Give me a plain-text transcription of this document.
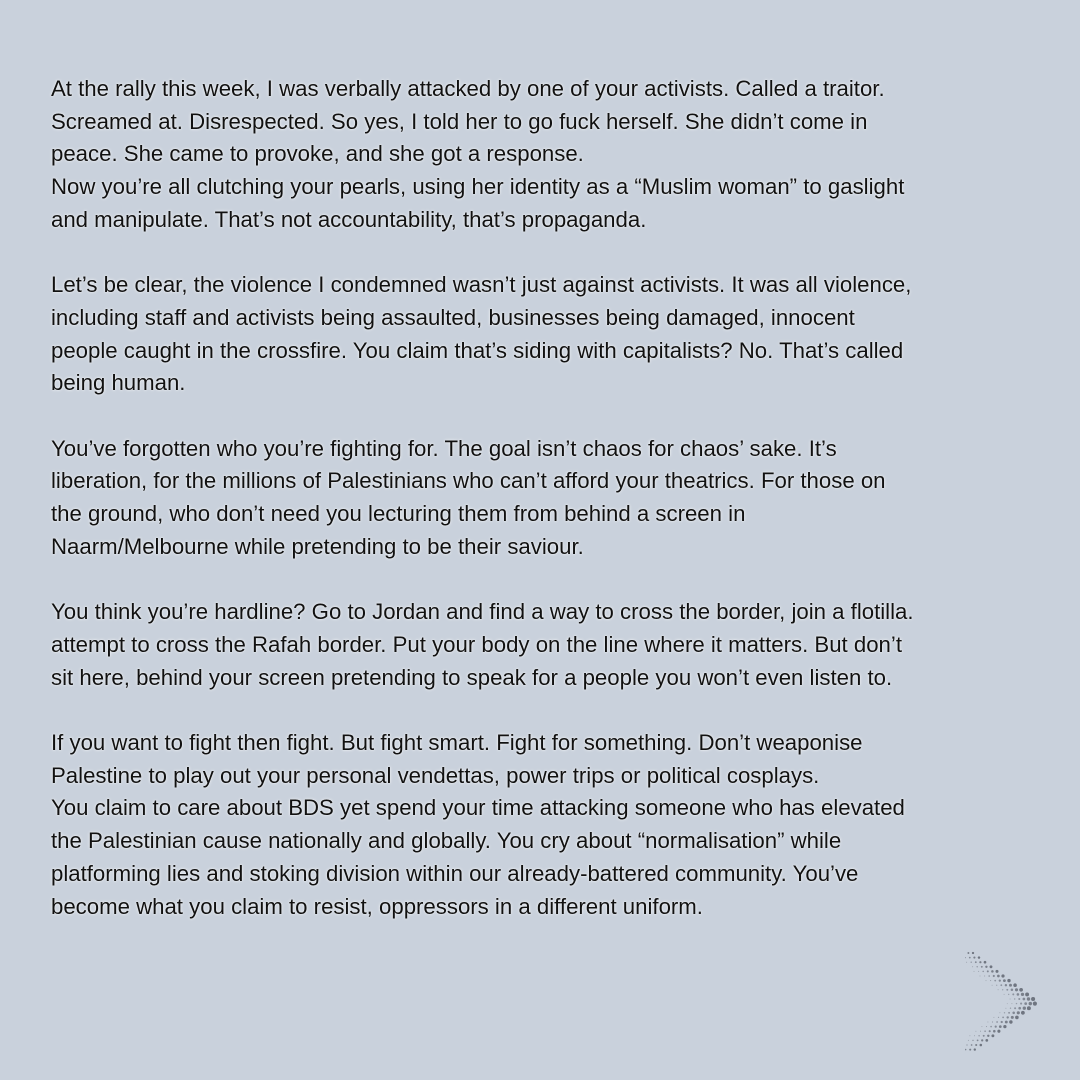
At the rally this week, I was verbally attacked by one of your activists. Called a traitor.
Screamed at. Disrespected. So yes, I told her to go fuck herself. She didn’t come in
peace. She came to provoke, and she got a response.
Now you’re all clutching your pearls, using her identity as a “Muslim woman” to gaslight
and manipulate. That’s not accountability, that’s propaganda.
Let’s be clear, the violence I condemned wasn’t just against activists. It was all violence,
including staff and activists being assaulted, businesses being damaged, innocent
people caught in the crossfire. You claim that’s siding with capitalists? No. That’s called
being human.
You’ve forgotten who you’re fighting for. The goal isn’t chaos for chaos’ sake. It’s
liberation, for the millions of Palestinians who can’t afford your theatrics. For those on
the ground, who don’t need you lecturing them from behind a screen in
Naarm/Melbourne while pretending to be their saviour.
You think you’re hardline? Go to Jordan and find a way to cross the border, join a flotilla.
attempt to cross the Rafah border. Put your body on the line where it matters. But don’t
sit here, behind your screen pretending to speak for a people you won’t even listen to.
If you want to fight then fight. But fight smart. Fight for something. Don’t weaponise
Palestine to play out your personal vendettas, power trips or political cosplays.
You claim to care about BDS yet spend your time attacking someone who has elevated
the Palestinian cause nationally and globally. You cry about “normalisation” while
platforming lies and stoking division within our already-battered community. You’ve
become what you claim to resist, oppressors in a different uniform.
